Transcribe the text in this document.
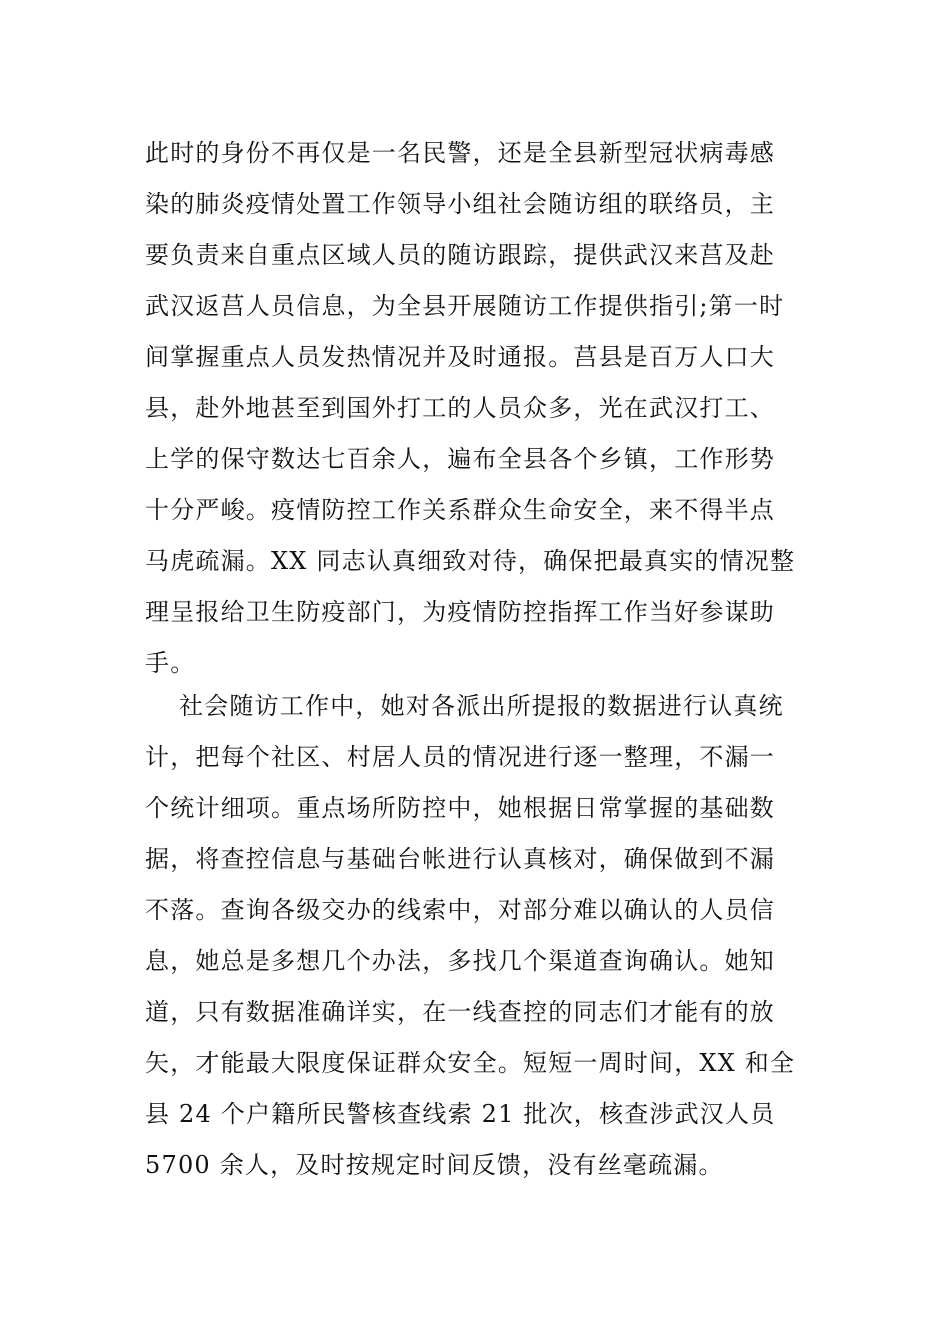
此时的身份不再仅是一名民警，还是全县新型冠状病毒感
染的肺炎疫情处置工作领导小组社会随访组的联络员，主
要负责来自重点区域人员的随访跟踪，提供武汉来莒及赴
武汉返莒人员信息，为全县开展随访工作提供指引;第一时
间掌握重点人员发热情况并及时通报。莒县是百万人口大
县，赴外地甚至到国外打工的人员众多，光在武汉打工、
上学的保守数达七百余人，遍布全县各个乡镇，工作形势
十分严峻。疫情防控工作关系群众生命安全，来不得半点
马虎疏漏。XX 同志认真细致对待，确保把最真实的情况整
理呈报给卫生防疫部门，为疫情防控指挥工作当好参谋助
手。
社会随访工作中，她对各派出所提报的数据进行认真统
计，把每个社区、村居人员的情况进行逐一整理，不漏一
个统计细项。重点场所防控中，她根据日常掌握的基础数
据，将查控信息与基础台帐进行认真核对，确保做到不漏
不落。查询各级交办的线索中，对部分难以确认的人员信
息，她总是多想几个办法，多找几个渠道查询确认。她知
道，只有数据准确详实，在一线查控的同志们才能有的放
矢，才能最大限度保证群众安全。短短一周时间，XX 和全
县 24 个户籍所民警核查线索 21 批次，核查涉武汉人员
5700 余人，及时按规定时间反馈，没有丝毫疏漏。
